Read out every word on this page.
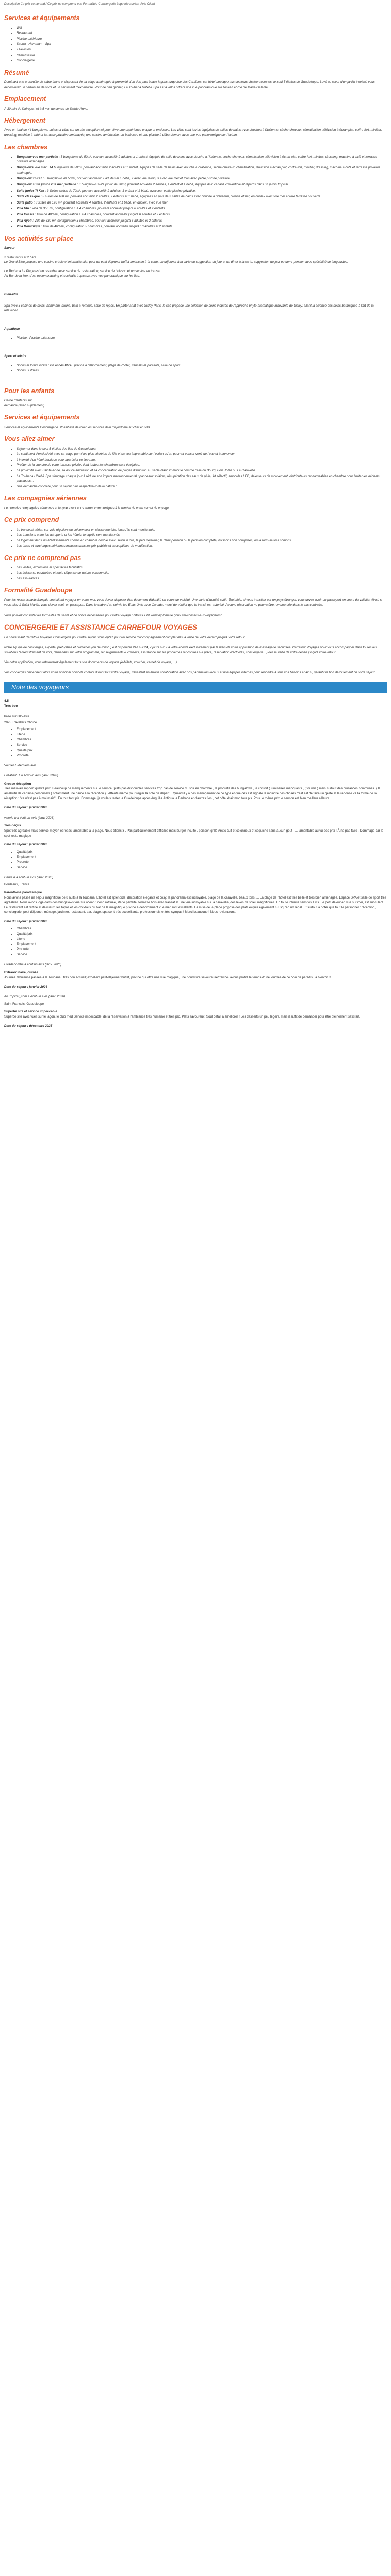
Description Ce prix comprend / Ce prix ne comprend pas Formalités Conciergerie Logo trip advisor Avis Client

Services et équipements
• Wifi
• Restaurant
• Piscine extérieure
• Sauna - Hammam - Spa
• Télévision
• Climatisation
• Conciergerie
Résumé

Dominant une presqu'île de sable blanc et disposant de sa plage aménagée à proximité d'un des plus beaux lagons turquoise des Caraïbes, cet hôtel-boutique aux couleurs chaleureuses est le seul 5 étoiles de Guadeloupe. Lové au cœur d'un jardin tropical, vous découvrirez un certain art de vivre et un sentiment d'exclusivité. Pour ne rien gâcher, La Toubana Hôtel & Spa est à vélos offrent une vue panoramique sur l'océan et l'île de Marie-Galante.

Emplacement

À 30 min de l'aéroport et à 5 min du centre de Sainte-Anne.

Hébergement

Avec un total de 44 bungalows, suites et villas sur un site exceptionnel pour vivre une expérience unique et exclusive. Les villas sont toutes équipées de salles de bains avec douches à l'italienne, sèche-cheveux, climatisation, télévision à écran plat, coffre-fort, minibar, dressing, machine à café et terrasse privative aménagée, une cuisine américaine, un barbecue et une piscine à débordement avec une vue panoramique sur l'océan.

Les chambres
• Bungalow vue mer partielle : 5 bungalows de 50m², pouvant accueillir 2 adultes et 1 enfant, équipés de salle de bains avec douche à l'italienne, sèche-cheveux, climatisation, télévision à écran plat, coffre-fort, minibar, dressing, machine à café et terrasse privative aménagée.
• Bungalows vue mer : 14 bungalows de 50m², pouvant accueillir 2 adultes et 1 enfant, équipés de salle de bains avec douche à l'italienne, sèche-cheveux, climatisation, télévision à écran plat, coffre-fort, minibar, dressing, machine à café et terrasse privative aménagée.
• Bungalow Ti Kaz : 5 bungalows de 50m², pouvant accueillir 2 adultes et 1 bébé, 2 avec vue jardin, 3 avec vue mer et tous avec petite piscine privative.
• Bungalow suite junior vue mer partielle : 3 bungalows suite junior de 70m², pouvant accueillir 2 adultes, 1 enfant et 1 bébé, équipés d'un canapé convertible et répartis dans un jardin tropical.
• Suite junior Ti Kaz : 3 Suites suites de 70m², pouvant accueillir 2 adultes, 1 enfant et 1 bébé, avec leur petite piscine privative.
• Suite classique : 5 suites de 108 m², pouvant accueillir 2 adultes, 2 enfants et 1 bébé, équipées en plus de 2 salles de bains avec douche à l'italienne, cuisine et bar, en duplex avec vue mer et une terrasse couverte.
• Suite patio : 8 suites de 126 m², pouvant accueillir 4 adultes, 2 enfants et 1 bébé, en duplex, avec vue mer.
• Villa Utu : Villa de 350 m², configuration 1 à 4 chambres, pouvant accueillir jusqu'à 8 adultes et 2 enfants.
• Villa Cassis : Villa de 400 m², configuration 1 à 4 chambres, pouvant accueillir jusqu'à 8 adultes et 2 enfants.
• Villa Ayoti : Villa de 630 m², configuration 3 chambres, pouvant accueillir jusqu'à 6 adultes et 2 enfants.
• Villa Dominique : Villa de 460 m², configuration 5 chambres, pouvant accueillir jusqu'à 10 adultes et 2 enfants.
Vos activités sur place
Saveur

2 restaurants et 2 bars.

Le Grand Bleu propose une cuisine créole et internationale, pour un petit-déjeuner buffet américain à la carte, un déjeuner à la carte ou suggestion du jour et un dîner à la carte, suggestion du jour ou demi-pension avec spécialité de langoustes.

Le Toubana La Plage est un resto/bar avec service de restauration, service de boisson et un service au transat.

Au Bar de la Mer, c'est option snacking et cocktails tropicaux avec vue panoramique sur les îles.

Bien-être

Spa avec 3 cabines de soins, hammam, sauna, bain à remous, salle de repos. En partenariat avec Sisley Paris, le spa propose une sélection de soins inspirés de l'approche phyto-aromatique innovante de Sisley, allant la science des soins botaniques à l'art de la relaxation.

Aquatique
• Piscine : Piscine extérieure
Sport et loisirs
• Sports et loisirs inclus : En accès libre : piscine à débordement, plage de l'hôtel, transats et parasols, salle de sport.
• Sports : Fitness
Pour les enfants

Garde d'enfants sur

demande (avec supplément)

Services et équipements

Services et équipements Conciergerie. Possibilité de louer les services d'un majordome au chef en villa.

Vous allez aimer
• Séjourner dans le seul 5 étoiles des îles de Guadeloupe.
• Le sentiment d'exclusivité avec sa plage parmi les plus sécrètes de l'île et sa vue imprenable sur l'océan qu'on pourrait penser venir de l'eau et à annoncer
• L'intimité d'un hôtel-boutique pour apprécier ce lieu rare.
• Profiter de la vue depuis votre terrasse privée, dont toutes les chambres sont équipées.
• La proximité avec Sainte-Anne, sa douce animation et sa concentration de plages disruption au sable blanc immaculé comme celle du Bourg, Bois Jolan ou La Caravelle.
• La Toubana Hôtel & Spa s'engage chaque jour à réduire son impact environnemental : panneaux solaires, récupération des eaux de pluie, kit sélectif, ampoules LED, délecteurs de mouvement, distributeurs rechargeables en chambre pour limiter les déchets plastiques…
• Une démarche concrète pour un séjour plus respectueux de la nature !
Les compagnies aériennes

Le nom des compagnies aériennes et le type exact vous seront communiqués à la remise de votre carnet de voyage

Ce prix comprend
• Le transport aérien sur vols réguliers ou vol low cost en classe touriste, lorsqu'ils sont mentionnés.
• Les transferts entre les aéroports et les hôtels, lorsqu'ils sont mentionnés.
• Le logement dans les établissements choisis en chambre double avec, selon le cas, le petit déjeuner, la demi-pension ou la pension complète, boissons non comprises, ou la formule tout compris.
• Les taxes et surcharges aériennes incluses dans les prix publiés et susceptibles de modification.
Ce prix ne comprend pas
• Les visites, excursions et spectacles facultatifs.
• Les boissons, pourboires et toute dépense de nature personnelle.
• Les assurances.
Formalité Guadeloupe

Pour les ressortissants français souhaitant voyager en outre-mer, vous devez disposer d'un document d'identité en cours de validité. Une carte d'identité suffit. Toutefois, si vous transitez par un pays étranger, vous devez avoir un passeport en cours de validité. Ainsi, si vous allez à Saint-Martin, vous devez avoir un passeport. Dans le cadre d'un vol via les Etats-Unis ou le Canada, merci de vérifier que le transit est autorisé. Aucune réservation ne pourra être remboursée dans le cas contraire.

Vous pouvez consulter les formalités de santé et de police nécessaires pour votre voyage : http://XXXX.www.diplomatie.gouv.fr/fr/conseils-aux-voyageurs/

CONCIERGERIE ET ASSISTANCE CARREFOUR VOYAGES

En choisissant Carrefour Voyages Conciergerie pour votre séjour, vous optez pour un service d'accompagnement complet dès la veille de votre départ jusqu'à votre retour.

Notre équipe de concierges, experte, préhysbée et humaines (ou de robot !) est disponible 24h sur 24, 7 jours sur 7 à votre écoute exclusivement par le biais de votre application de messagerie sécurisée. Carrefour Voyages pour vous accompagner dans toutes les situations (enregistrement de vols, demandes sur votre programme, renseignements & conseils, assistance sur les problèmes rencontrés sur place, réservation d'activités, conciergerie…) dès la veille de votre départ jusqu'à votre retour.

Via notre application, vous retrouverez également tous vos documents de voyage (e-billets, voucher, carnet de voyage, ...)

Vos concierges deviennent alors votre principal point de contact durant tout votre voyage, travaillant en étroite collaboration avec nos partenaires locaux et nos équipes internes pour répondre à tous vos besoins et ainsi, garantir le bon déroulement de votre séjour.

Note des voyageurs

4.5

Très bon

basé sur 805 Avis

2025 Travellers Choice

• Emplacement
• Literie
• Chambres
• Service
• Qualité/prix
• Propreté

Voir les 5 derniers avis

Elizabeth T a écrit un avis (janv. 2026)

Grosse déception

Très mauvais rapport qualité prix. Beaucoup de manquements sur le service (plats pas disponibles services trop pas de service du soir en chambre , la propreté des bungalows , le confort ( luminaires manquants , ( fournis ) mais surtout des nuisances communes. ( Il amabilité de certains personnels ( notamment une dame à la réception ) . Attente même pour régler la note de départ ...Quand il y a des management de ce type et que ces est signalé la moindre des choses c'est est de faire un geste et la réponse va la forme de la réception : "ce n'est pas à moi mais" . En tout tant pis. Dommage, je voulais tester la Guadeloupe après Anguilla Antigua la Barbade et d'autres îles , cet hôtel était mon tour pis. Pour le même prix le service est bien meilleur ailleurs.

Date du séjour : janvier 2026

valerie b a écrit un avis (janv. 2026)

Très déçus

Spot très agréable mais service moyen et repas lamentable à la plage. Nous étions 3 . Pas particulièrement difficiles mais burger incuite , poisson grillé Arctic cuit et colonneux et coquiche sans aucun goût , ... lamentable au vu des prix ! À ne pas faire . Dommage car le spot reste magique

Date du séjour : janvier 2026

• Qualité/prix
• Emplacement
• Propreté
• Service

Denis A a écrit un avis (janv. 2026)

Bordeaux, France

Parenthèse paradisiaque

Nous avons passé un séjour magnifique de 8 nuits à la Toubana. L'hôtel est splendide, décoration élégante et cosy, la panorama est incroyable, plage de la caravelle, beaux tons..... La plage de l'hôtel est très belle et très bien aménagée. Espace SPA et salle de sport très agréables. Nous avons logé dans des bungalows vue sur océan : déco raffinée, literie parfaite, terrasse bois avec transat et une vue incroyable sur la caravelle, des levés de soleil magnifiques. En toute intimité sans vis à vis. Le petit déjeuner, vue sur mer, est succulent. Le restaurant est raffiné et délicieux, les tapas et les cocktails du bar de la magnifique piscine à débordement vue mer sont excellents. La mise de la plage propose des plats exquis également ! Jusqu'en un régal. Et surtout à noter que tout le personnel : réception, conciergerie, petit déjeuner, ménage, jardinier, restaurant, bar, plage, spa sont très accueillants, professionnels et très sympas ! Merci beaucoup ! Nous reviendrons.

Date du séjour : janvier 2026

• Chambres
• Qualité/prix
• Literie
• Emplacement
• Propreté
• Service

Loladebomb4 a écrit un avis (janv. 2026)

Extraordinaire journée

Journée fabuleuse passée à la Toubana...très bon accueil; excellent petit-déjeuner buffet, piscine qui offre une vue magique, une nourriture savoureuse/fraiche, avons profité le temps d'une journée de ce coin de paradis...à bientôt !!!

Date du séjour : janvier 2026

AirTropical_com a écrit un avis (janv. 2026)

Saint-François, Guadeloupe

Superbe site et service impeccable

Superbe site avec vues sur le lagon, le club med Service impeccable, de la réservation à l'ambiance très humaine et très pro. Plats savoureux. Soul détail à améliorer ! Les desserts un peu légers, mais il suffit de demander pour être pleinement satisfait.

Date du séjour : décembre 2025
